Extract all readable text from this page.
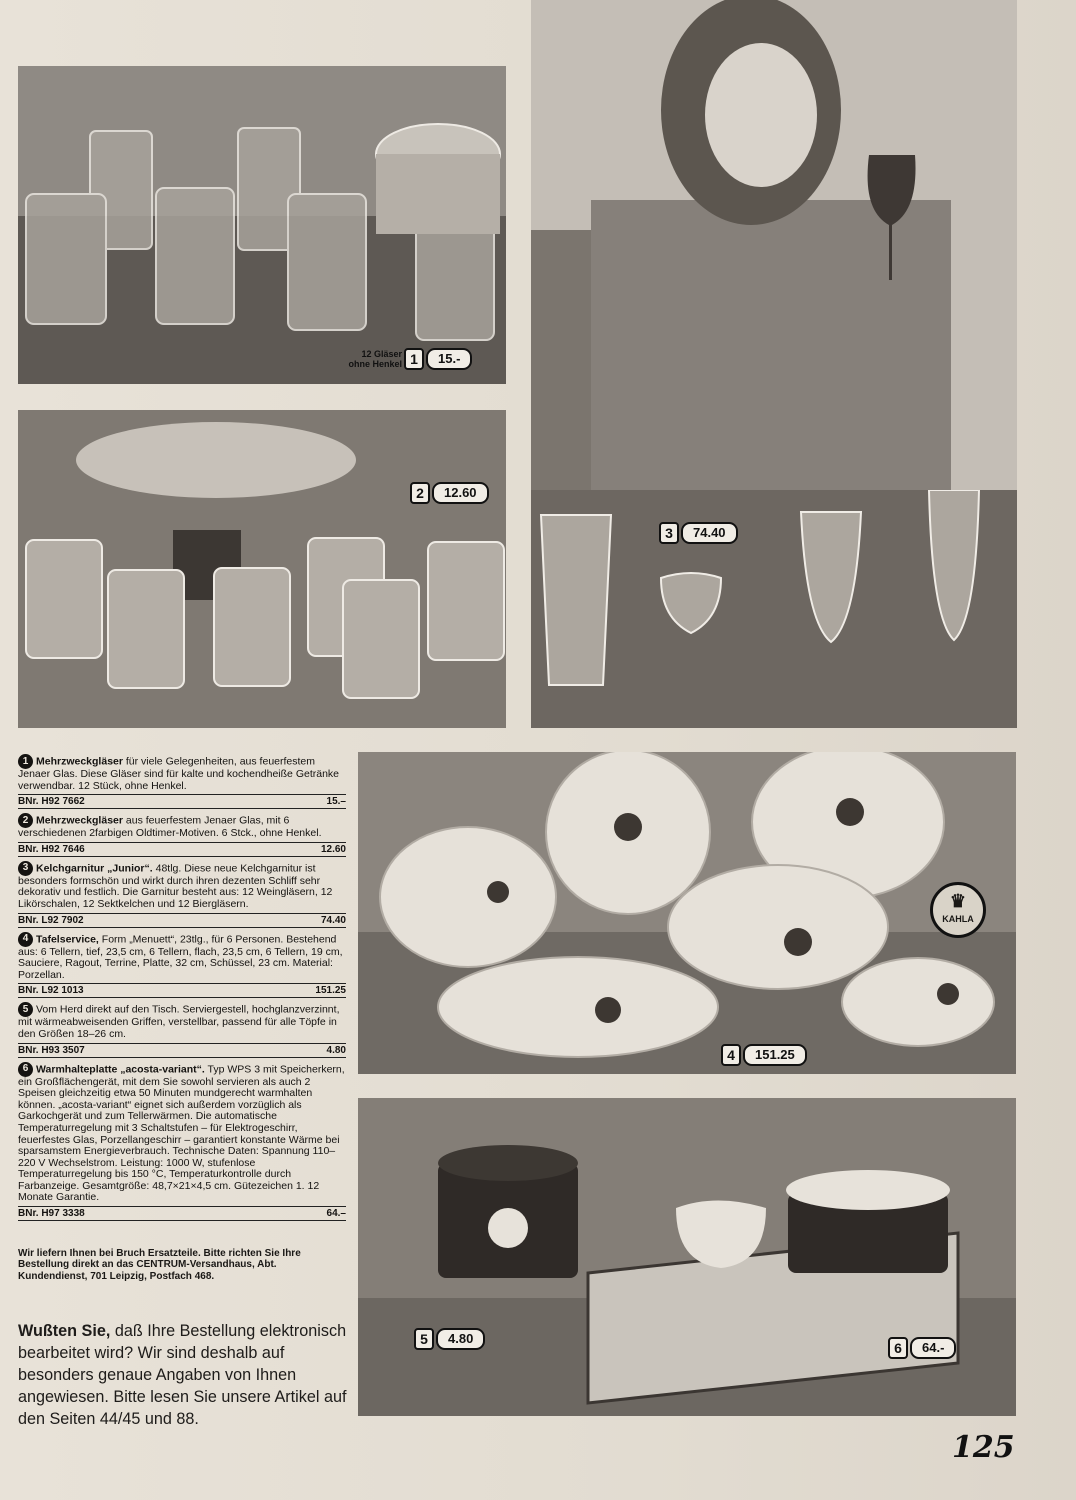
12 Gläser
ohne Henkel 1	15.-
2	12.60
3	74.40
♛
KAHLA
4	151.25
5	4.80
6	64.-
1 Mehrzweckgläser für viele Gelegenheiten, aus feuerfestem Jenaer Glas. Diese Gläser sind für kalte und kochendheiße Getränke verwendbar. 12 Stück, ohne Henkel.
BNr. H92 7662	15.–
2 Mehrzweckgläser aus feuerfestem Jenaer Glas, mit 6 verschiedenen 2farbigen Oldtimer-Motiven. 6 Stck., ohne Henkel.
BNr. H92 7646	12.60
3 Kelchgarnitur „Junior“. 48tlg. Diese neue Kelchgarnitur ist besonders formschön und wirkt durch ihren dezenten Schliff sehr dekorativ und festlich. Die Garnitur besteht aus: 12 Weingläsern, 12 Likörschalen, 12 Sektkelchen und 12 Biergläsern.
BNr. L92 7902	74.40
4 Tafelservice, Form „Menuett“, 23tlg., für 6 Personen. Bestehend aus: 6 Tellern, tief, 23,5 cm, 6 Tellern, flach, 23,5 cm, 6 Tellern, 19 cm, Sauciere, Ragout, Terrine, Platte, 32 cm, Schüssel, 23 cm. Material: Porzellan.
BNr. L92 1013	151.25
5 Vom Herd direkt auf den Tisch. Serviergestell, hochglanzverzinnt, mit wärmeabweisenden Griffen, verstellbar, passend für alle Töpfe in den Größen 18–26 cm.
BNr. H93 3507	4.80
6 Warmhalteplatte „acosta-variant“. Typ WPS 3 mit Speicherkern, ein Großflächengerät, mit dem Sie sowohl servieren als auch 2 Speisen gleichzeitig etwa 50 Minuten mundgerecht warmhalten können. „acosta-variant“ eignet sich außerdem vorzüglich als Garkochgerät und zum Tellerwärmen. Die automatische Temperaturregelung mit 3 Schaltstufen – für Elektrogeschirr, feuerfestes Glas, Porzellangeschirr – garantiert konstante Wärme bei sparsamstem Energieverbrauch. Technische Daten: Spannung 110–220 V Wechselstrom. Leistung: 1000 W, stufenlose Temperaturregelung bis 150 °C, Temperaturkontrolle durch Farbanzeige. Gesamtgröße: 48,7×21×4,5 cm. Gütezeichen 1. 12 Monate Garantie.
BNr. H97 3338	64.–
Wir liefern Ihnen bei Bruch Ersatzteile. Bitte richten Sie Ihre Bestellung direkt an das CENTRUM-Versandhaus, Abt. Kundendienst, 701 Leipzig, Postfach 468.
Wußten Sie, daß Ihre Bestellung elektronisch bearbeitet wird? Wir sind deshalb auf besonders genaue Angaben von Ihnen angewiesen. Bitte lesen Sie unsere Artikel auf den Seiten 44/45 und 88.
125
